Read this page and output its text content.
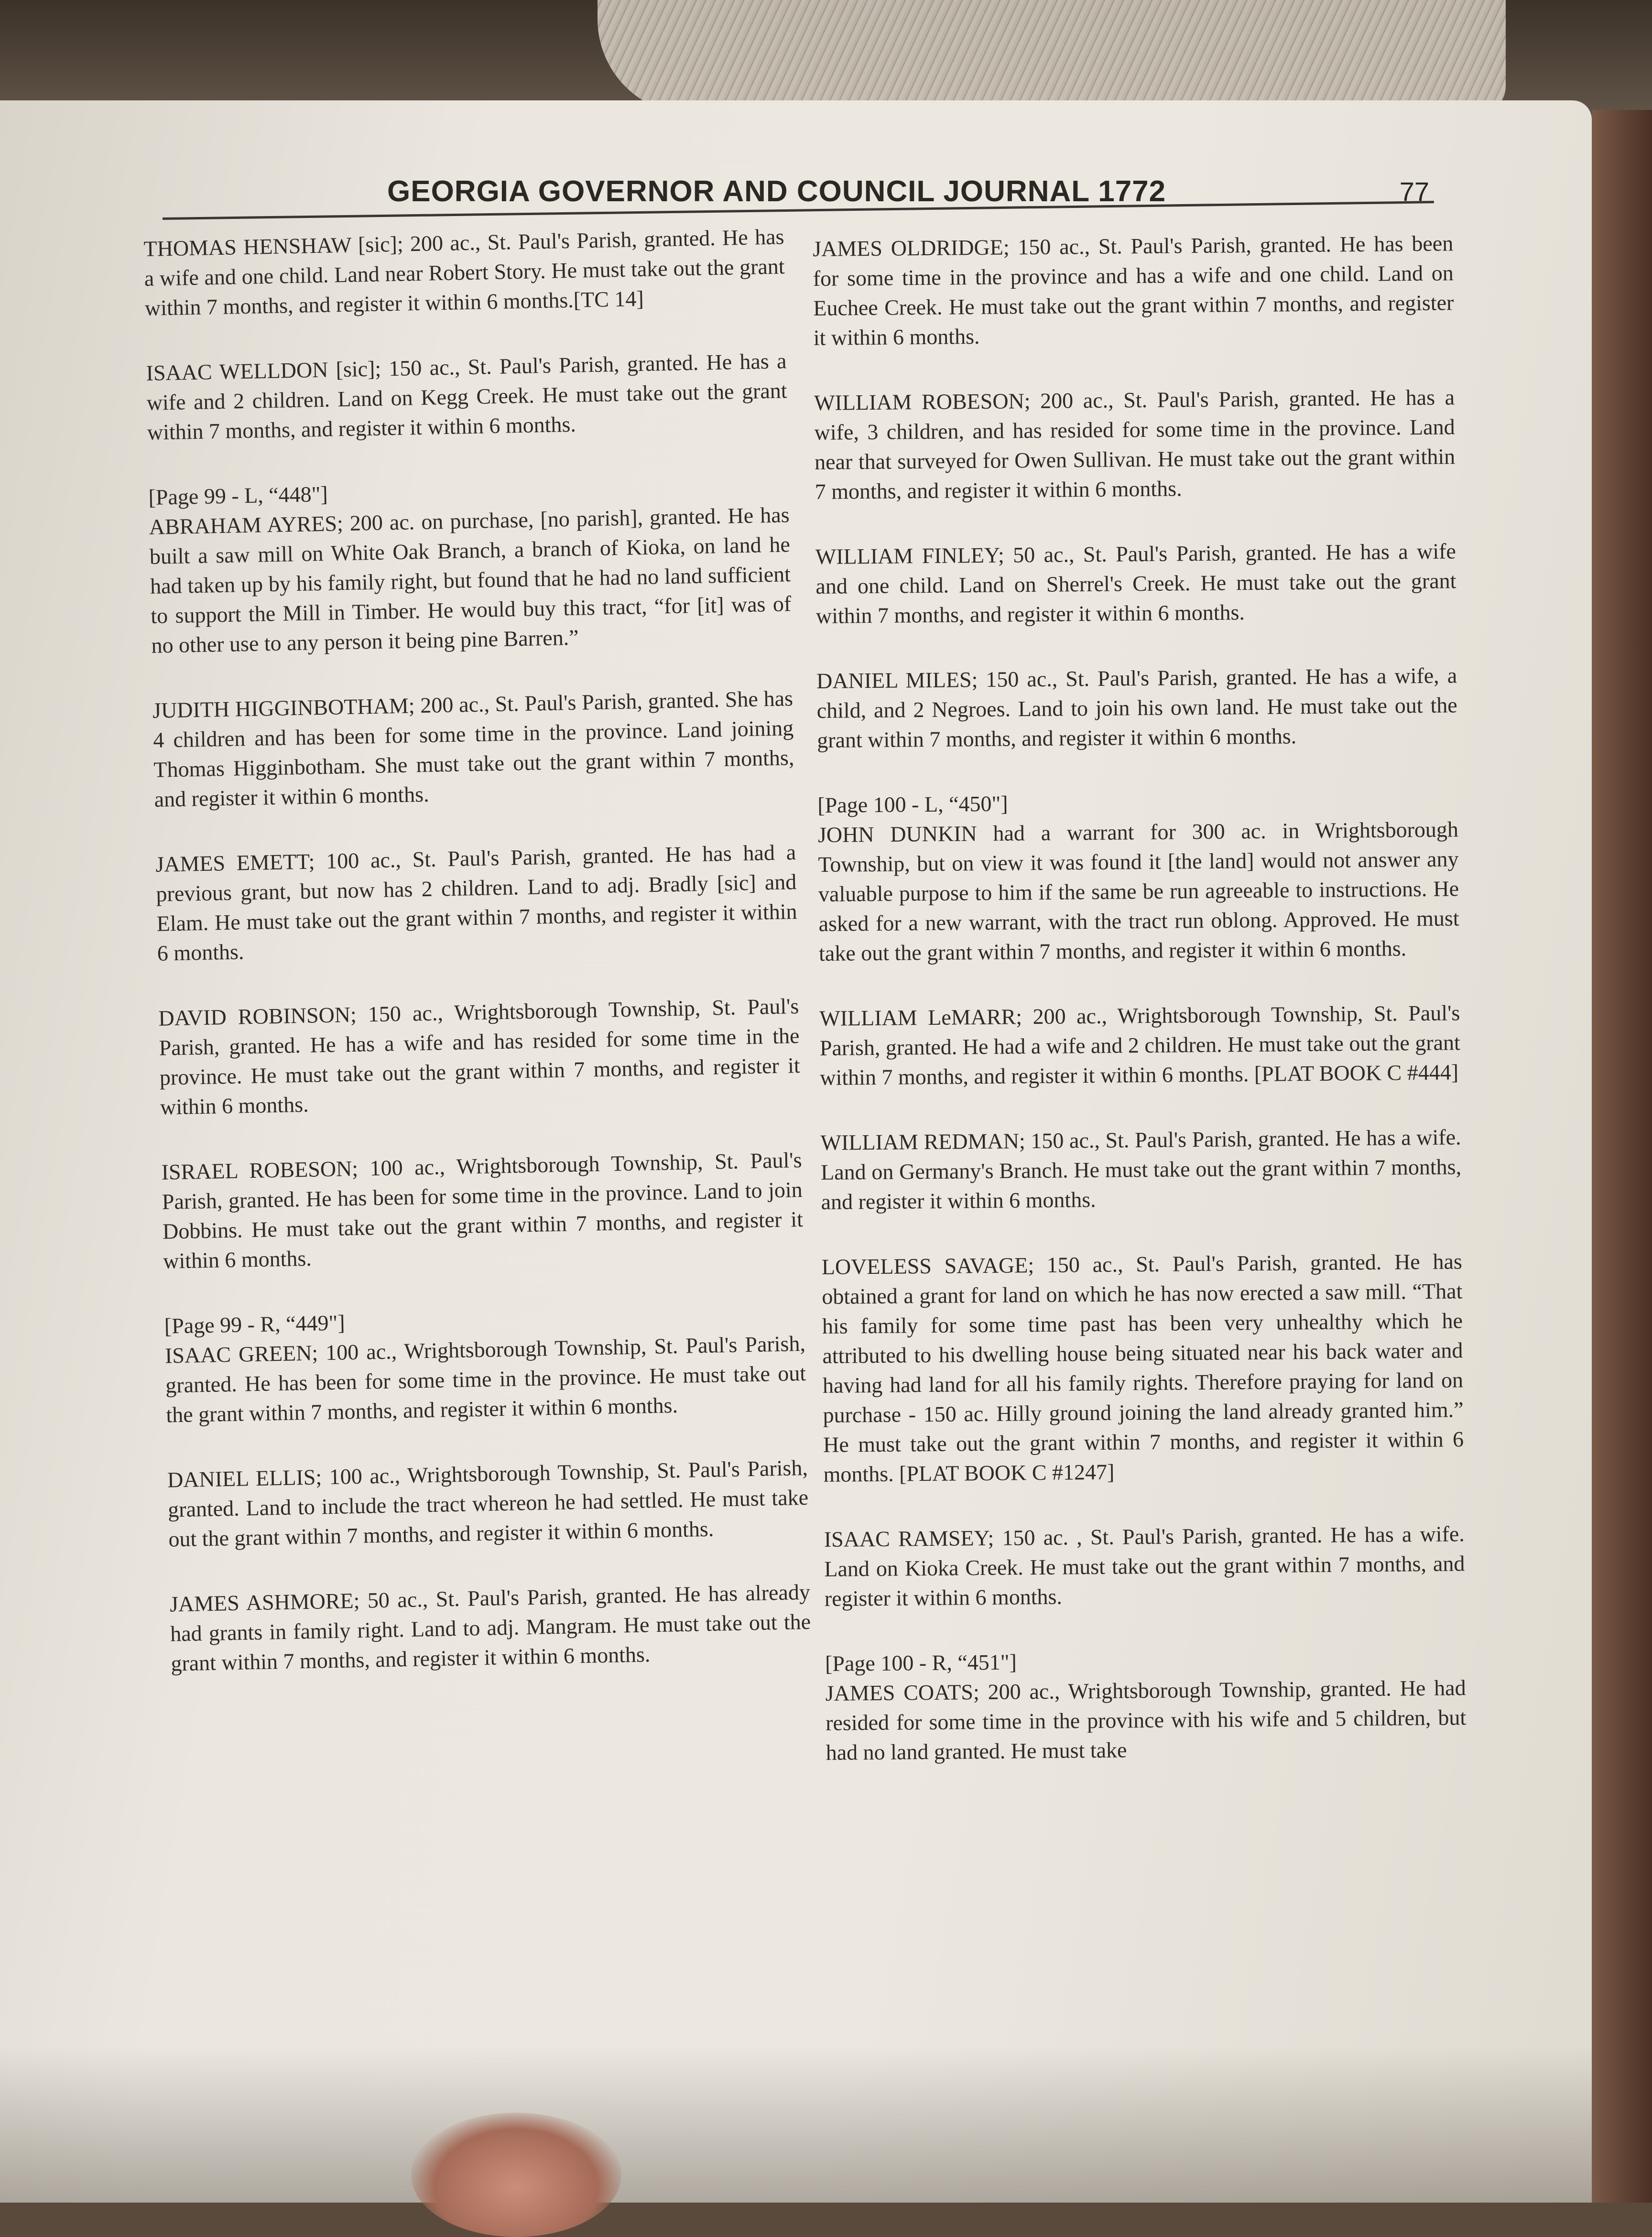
GEORGIA GOVERNOR AND COUNCIL JOURNAL 1772	77
THOMAS HENSHAW [sic]; 200 ac., St. Paul's Parish, granted. He has a wife and one child. Land near Robert Story. He must take out the grant within 7 months, and register it within 6 months.[TC 14]
ISAAC WELLDON [sic]; 150 ac., St. Paul's Parish, granted. He has a wife and 2 children. Land on Kegg Creek. He must take out the grant within 7 months, and register it within 6 months.
[Page 99 - L, “448"]
ABRAHAM AYRES; 200 ac. on purchase, [no parish], granted. He has built a saw mill on White Oak Branch, a branch of Kioka, on land he had taken up by his family right, but found that he had no land sufficient to support the Mill in Timber. He would buy this tract, “for [it] was of no other use to any person it being pine Barren.”
JUDITH HIGGINBOTHAM; 200 ac., St. Paul's Parish, granted. She has 4 children and has been for some time in the province. Land joining Thomas Higginbotham. She must take out the grant within 7 months, and register it within 6 months.
JAMES EMETT; 100 ac., St. Paul's Parish, granted. He has had a previous grant, but now has 2 children. Land to adj. Bradly [sic] and Elam. He must take out the grant within 7 months, and register it within 6 months.
DAVID ROBINSON; 150 ac., Wrightsborough Township, St. Paul's Parish, granted. He has a wife and has resided for some time in the province. He must take out the grant within 7 months, and register it within 6 months.
ISRAEL ROBESON; 100 ac., Wrightsborough Township, St. Paul's Parish, granted. He has been for some time in the province. Land to join Dobbins. He must take out the grant within 7 months, and register it within 6 months.
[Page 99 - R, “449"]
ISAAC GREEN; 100 ac., Wrightsborough Township, St. Paul's Parish, granted. He has been for some time in the province. He must take out the grant within 7 months, and register it within 6 months.
DANIEL ELLIS; 100 ac., Wrightsborough Township, St. Paul's Parish, granted. Land to include the tract whereon he had settled. He must take out the grant within 7 months, and register it within 6 months.
JAMES ASHMORE; 50 ac., St. Paul's Parish, granted. He has already had grants in family right. Land to adj. Mangram. He must take out the grant within 7 months, and register it within 6 months.
JAMES OLDRIDGE; 150 ac., St. Paul's Parish, granted. He has been for some time in the province and has a wife and one child. Land on Euchee Creek. He must take out the grant within 7 months, and register it within 6 months.
WILLIAM ROBESON; 200 ac., St. Paul's Parish, granted. He has a wife, 3 children, and has resided for some time in the province. Land near that surveyed for Owen Sullivan. He must take out the grant within 7 months, and register it within 6 months.
WILLIAM FINLEY; 50 ac., St. Paul's Parish, granted. He has a wife and one child. Land on Sherrel's Creek. He must take out the grant within 7 months, and register it within 6 months.
DANIEL MILES; 150 ac., St. Paul's Parish, granted. He has a wife, a child, and 2 Negroes. Land to join his own land. He must take out the grant within 7 months, and register it within 6 months.
[Page 100 - L, “450"]
JOHN DUNKIN had a warrant for 300 ac. in Wrightsborough Township, but on view it was found it [the land] would not answer any valuable purpose to him if the same be run agreeable to instructions. He asked for a new warrant, with the tract run oblong. Approved. He must take out the grant within 7 months, and register it within 6 months.
WILLIAM LeMARR; 200 ac., Wrightsborough Township, St. Paul's Parish, granted. He had a wife and 2 children. He must take out the grant within 7 months, and register it within 6 months. [PLAT BOOK C #444]
WILLIAM REDMAN; 150 ac., St. Paul's Parish, granted. He has a wife. Land on Germany's Branch. He must take out the grant within 7 months, and register it within 6 months.
LOVELESS SAVAGE; 150 ac., St. Paul's Parish, granted. He has obtained a grant for land on which he has now erected a saw mill. “That his family for some time past has been very unhealthy which he attributed to his dwelling house being situated near his back water and having had land for all his family rights. Therefore praying for land on purchase - 150 ac. Hilly ground joining the land already granted him.” He must take out the grant within 7 months, and register it within 6 months. [PLAT BOOK C #1247]
ISAAC RAMSEY; 150 ac. , St. Paul's Parish, granted. He has a wife. Land on Kioka Creek. He must take out the grant within 7 months, and register it within 6 months.
[Page 100 - R, “451"]
JAMES COATS; 200 ac., Wrightsborough Township, granted. He had resided for some time in the province with his wife and 5 children, but had no land granted. He must take
